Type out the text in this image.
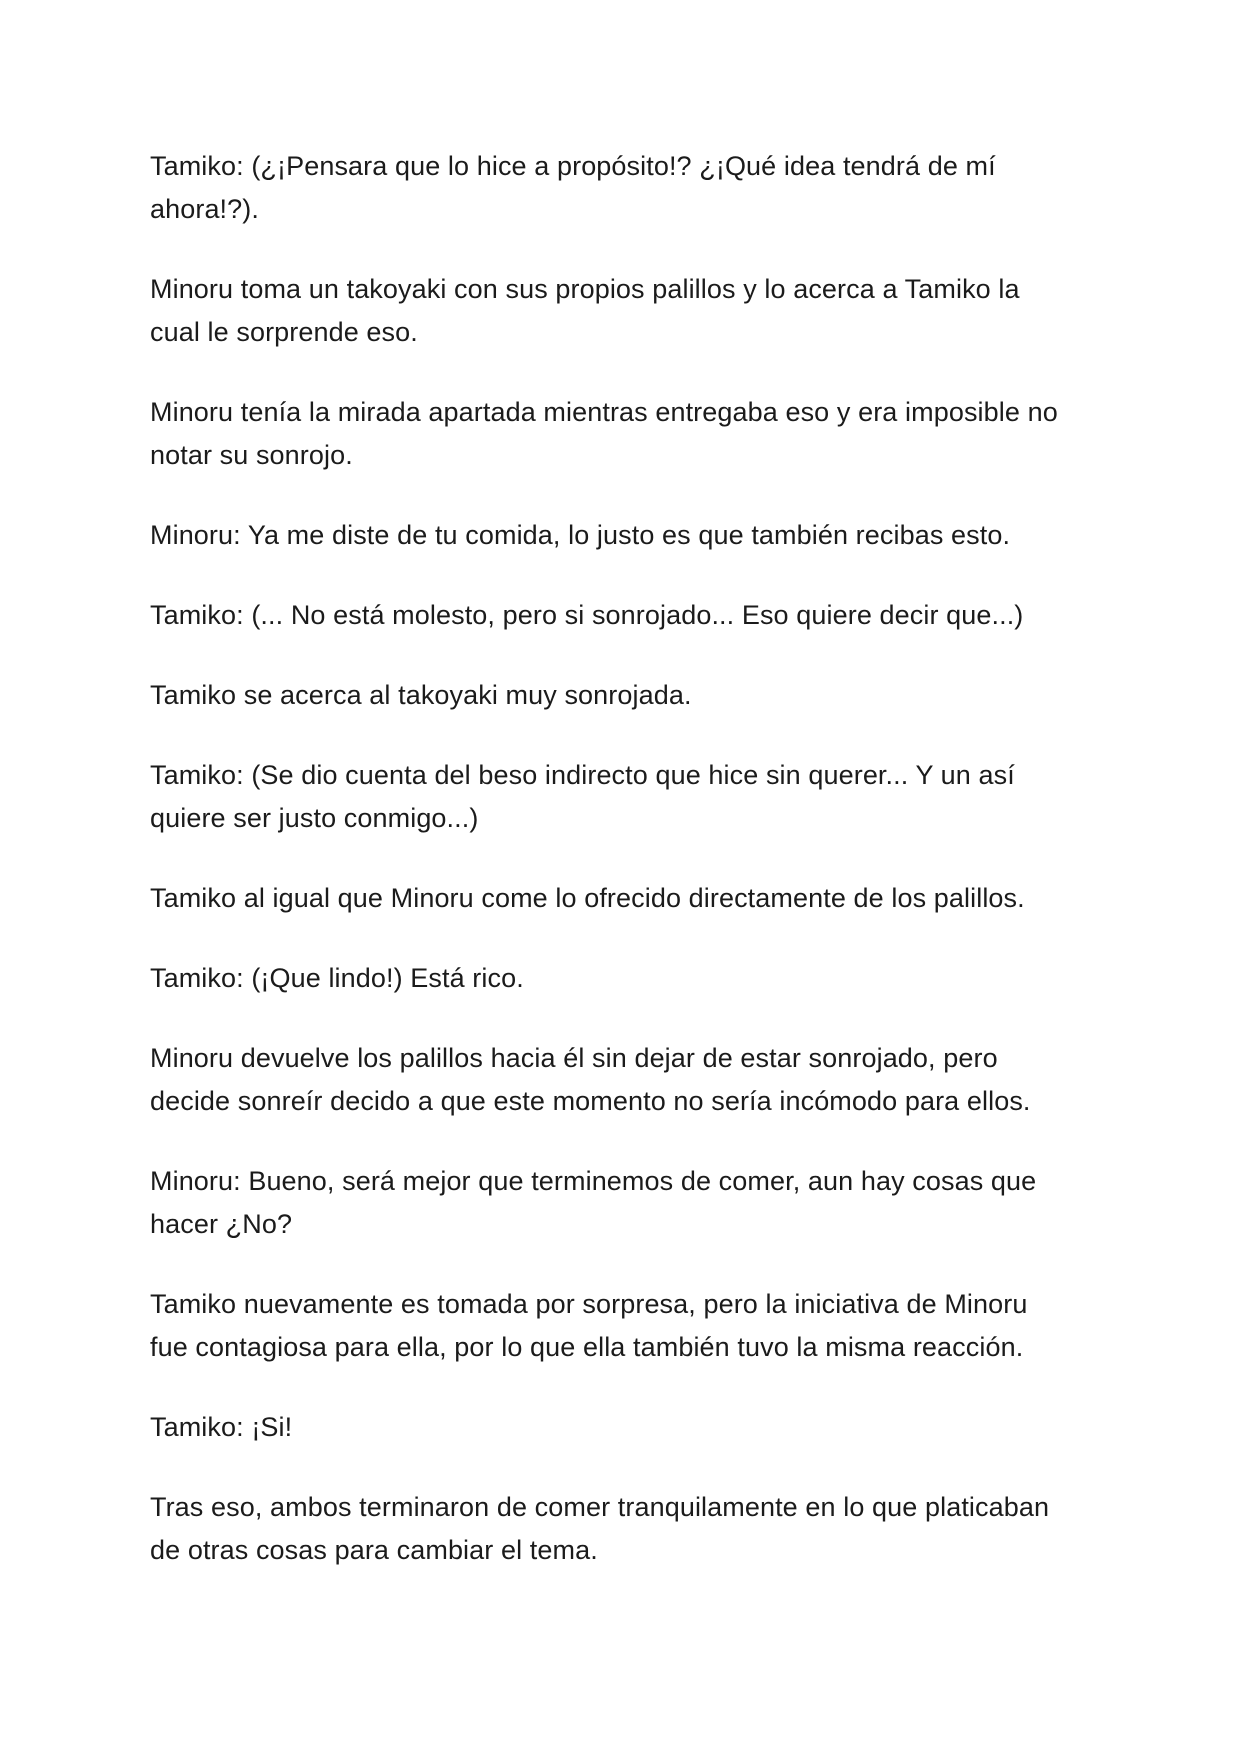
Tamiko: (¿¡Pensara que lo hice a propósito!? ¿¡Qué idea tendrá de mí
ahora!?).

Minoru toma un takoyaki con sus propios palillos y lo acerca a Tamiko la
cual le sorprende eso.

Minoru tenía la mirada apartada mientras entregaba eso y era imposible no
notar su sonrojo.

Minoru: Ya me diste de tu comida, lo justo es que también recibas esto.

Tamiko: (... No está molesto, pero si sonrojado... Eso quiere decir que...)

Tamiko se acerca al takoyaki muy sonrojada.

Tamiko: (Se dio cuenta del beso indirecto que hice sin querer... Y un así
quiere ser justo conmigo...)

Tamiko al igual que Minoru come lo ofrecido directamente de los palillos.

Tamiko: (¡Que lindo!) Está rico.

Minoru devuelve los palillos hacia él sin dejar de estar sonrojado, pero
decide sonreír decido a que este momento no sería incómodo para ellos.

Minoru: Bueno, será mejor que terminemos de comer, aun hay cosas que
hacer ¿No?

Tamiko nuevamente es tomada por sorpresa, pero la iniciativa de Minoru
fue contagiosa para ella, por lo que ella también tuvo la misma reacción.

Tamiko: ¡Si!

Tras eso, ambos terminaron de comer tranquilamente en lo que platicaban
de otras cosas para cambiar el tema.
